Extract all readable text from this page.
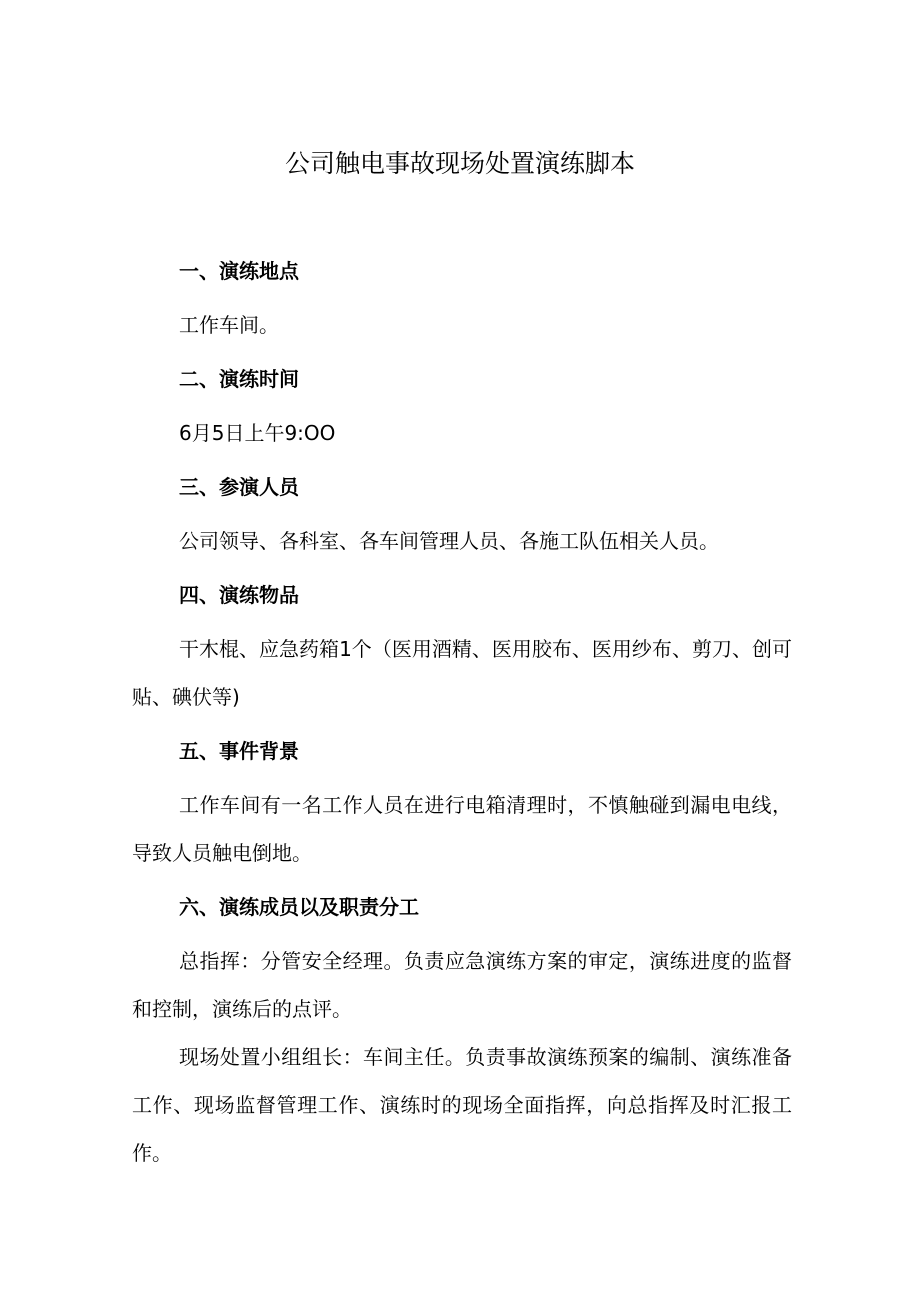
公司触电事故现场处置演练脚本
一、演练地点

工作车间。

二、演练时间

6月5日上午9:OO

三、参演人员

公司领导、各科室、各车间管理人员、各施工队伍相关人员。

四、演练物品

干木棍、应急药箱1个（医用酒精、医用胶布、医用纱布、剪刀、创可贴、碘伏等)

五、事件背景

工作车间有一名工作人员在进行电箱清理时，不慎触碰到漏电电线，导致人员触电倒地。

六、演练成员以及职责分工

总指挥：分管安全经理。负责应急演练方案的审定，演练进度的监督和控制，演练后的点评。

现场处置小组组长：车间主任。负责事故演练预案的编制、演练准备工作、现场监督管理工作、演练时的现场全面指挥，向总指挥及时汇报工作。
